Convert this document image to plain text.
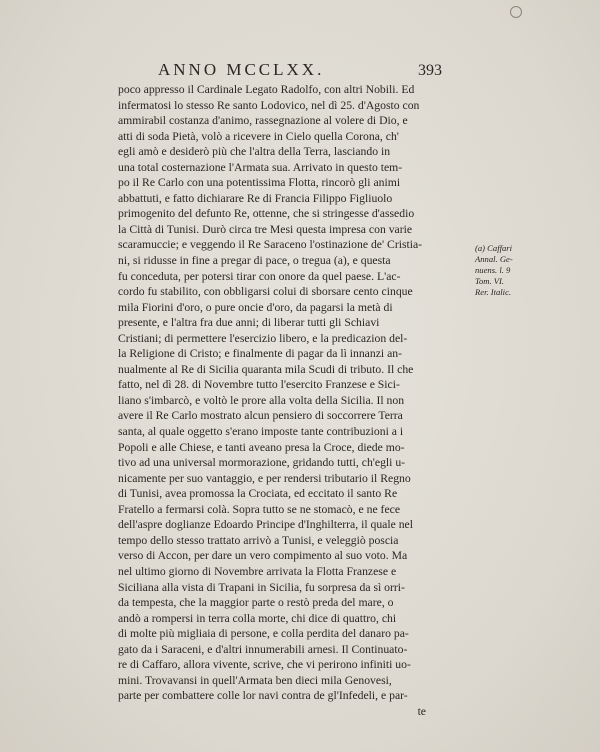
ANNO MCCLXX.	393
poco appresso il Cardinale Legato Radolfo, con altri Nobili. Ed
infermatosi lo stesso Re santo Lodovico, nel dì 25. d'Agosto con
ammirabil costanza d'animo, rassegnazione al volere di Dio, e
atti di soda Pietà, volò a ricevere in Cielo quella Corona, ch'
egli amò e desiderò più che l'altra della Terra, lasciando in
una total costernazione l'Armata sua. Arrivato in questo tem-
po il Re Carlo con una potentissima Flotta, rincorò gli animi
abbattuti, e fatto dichiarare Re di Francia Filippo Figliuolo
primogenito del defunto Re, ottenne, che si stringesse d'assedio
la Città di Tunisi. Durò circa tre Mesi questa impresa con varie
scaramuccie; e veggendo il Re Saraceno l'ostinazione de' Cristia-
ni, si ridusse in fine a pregar di pace, o tregua (a), e questa
fu conceduta, per potersi tirar con onore da quel paese. L'ac-
cordo fu stabilito, con obbligarsi colui di sborsare cento cinque
mila Fiorini d'oro, o pure oncie d'oro, da pagarsi la metà di
presente, e l'altra fra due anni; di liberar tutti gli Schiavi
Cristiani; di permettere l'esercizio libero, e la predicazion del-
la Religione di Cristo; e finalmente di pagar da lì innanzi an-
nualmente al Re di Sicilia quaranta mila Scudi di tributo. Il che
fatto, nel dì 28. di Novembre tutto l'esercito Franzese e Sici-
liano s'imbarcò, e voltò le prore alla volta della Sicilia. Il non
avere il Re Carlo mostrato alcun pensiero di soccorrere Terra
santa, al quale oggetto s'erano imposte tante contribuzioni a i
Popoli e alle Chiese, e tanti aveano presa la Croce, diede mo-
tivo ad una universal mormorazione, gridando tutti, ch'egli u-
nicamente per suo vantaggio, e per rendersi tributario il Regno
di Tunisi, avea promossa la Crociata, ed eccitato il santo Re
Fratello a fermarsi colà. Sopra tutto se ne stomacò, e ne fece
dell'aspre doglianze Edoardo Principe d'Inghilterra, il quale nel
tempo dello stesso trattato arrivò a Tunisi, e veleggiò poscia
verso di Accon, per dare un vero compimento al suo voto. Ma
nel ultimo giorno di Novembre arrivata la Flotta Franzese e
Siciliana alla vista di Trapani in Sicilia, fu sorpresa da sì orri-
da tempesta, che la maggior parte o restò preda del mare, o
andò a rompersi in terra colla morte, chi dice di quattro, chi
di molte più migliaia di persone, e colla perdita del danaro pa-
gato da i Saraceni, e d'altri innumerabili arnesi. Il Continuato-
re di Caffaro, allora vivente, scrive, che vi perirono infiniti uo-
mini. Trovavansi in quell'Armata ben dieci mila Genovesi,
parte per combattere colle lor navi contra de gl'Infedeli, e par-
te
(a) Caffari
Annal. Ge-
nuens. l. 9
Tom. VI.
Rer. Italic.
